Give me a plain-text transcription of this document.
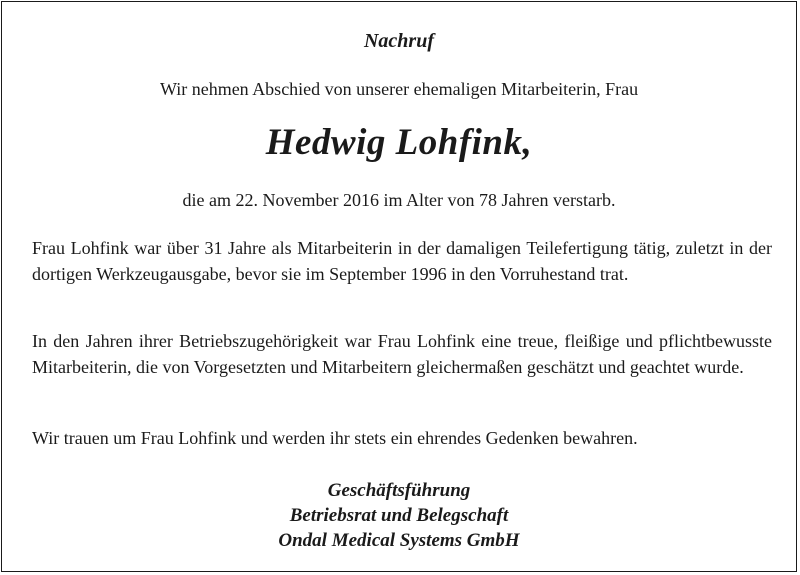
Nachruf

Wir nehmen Abschied von unserer ehemaligen Mitarbeiterin, Frau

Hedwig Lohfink,

die am 22. November 2016 im Alter von 78 Jahren verstarb.

Frau Lohfink war über 31 Jahre als Mitarbeiterin in der damaligen Teilefertigung tätig, zuletzt in der dortigen Werkzeugausgabe, bevor sie im September 1996 in den Vorruhestand trat.

In den Jahren ihrer Betriebszugehörigkeit war Frau Lohfink eine treue, fleißige und pflichtbewusste Mitarbeiterin, die von Vorgesetzten und Mitarbeitern gleichermaßen geschätzt und geachtet wurde.

Wir trauen um Frau Lohfink und werden ihr stets ein ehrendes Gedenken bewahren.

Geschäftsführung
Betriebsrat und Belegschaft
Ondal Medical Systems GmbH
